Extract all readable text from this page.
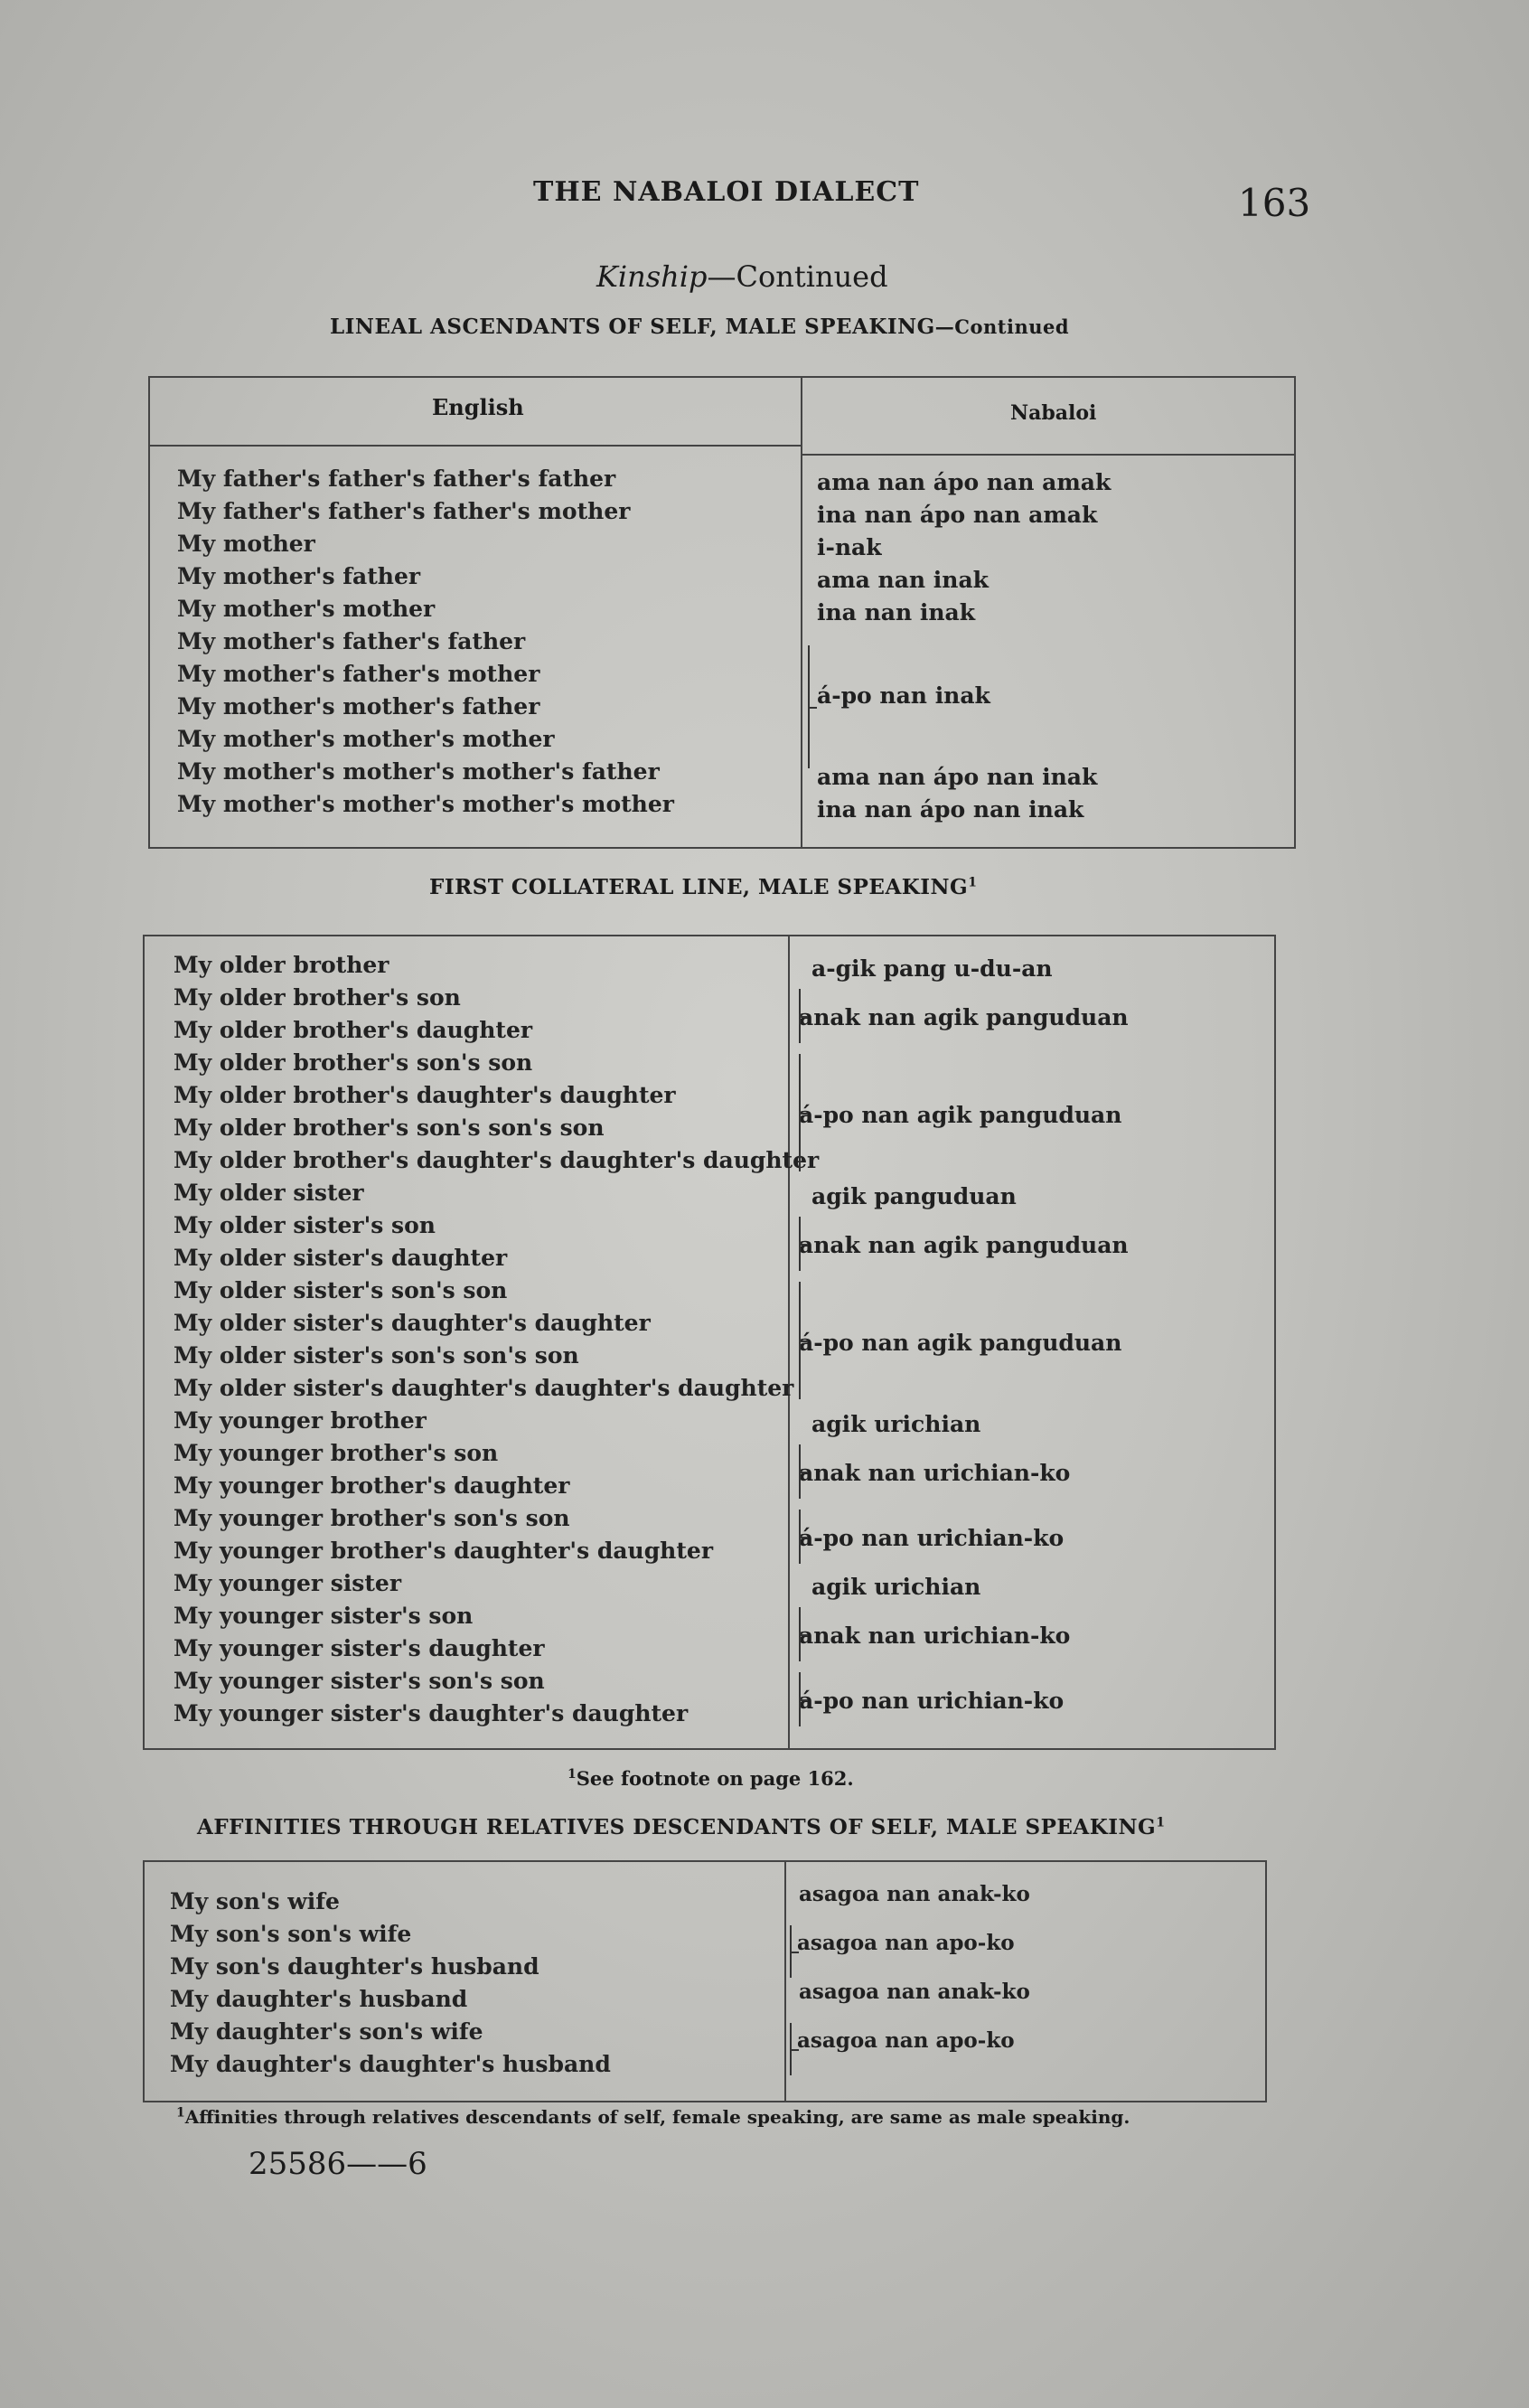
THE NABALOI DIALECT	163
Kinship—Continued
LINEAL ASCENDANTS OF SELF, MALE SPEAKING—Continued
English	Nabaloi
My father's father's father's father
My father's father's father's mother
My mother
My mother's father
My mother's mother
My mother's father's father
My mother's father's mother
My mother's mother's father
My mother's mother's mother
My mother's mother's mother's father
My mother's mother's mother's mother
ama nan ápo nan amak
ina nan ápo nan amak
i-nak
ama nan inak
ina nan inak
á-po nan inak
ama nan ápo nan inak
ina nan ápo nan inak
FIRST COLLATERAL LINE, MALE SPEAKING$^1$
My older brother
My older brother's son
My older brother's daughter
My older brother's son's son
My older brother's daughter's daughter
My older brother's son's son's son
My older brother's daughter's daughter's daughter
My older sister
My older sister's son
My older sister's daughter
My older sister's son's son
My older sister's daughter's daughter
My older sister's son's son's son
My older sister's daughter's daughter's daughter
My younger brother
My younger brother's son
My younger brother's daughter
My younger brother's son's son
My younger brother's daughter's daughter
My younger sister
My younger sister's son
My younger sister's daughter
My younger sister's son's son
My younger sister's daughter's daughter
a-gik pang u-du-an
anak nan agik panguduan
á-po nan agik panguduan
agik panguduan
anak nan agik panguduan
á-po nan agik panguduan
agik urichian
anak nan urichian-ko
á-po nan urichian-ko
agik urichian
anak nan urichian-ko
á-po nan urichian-ko
$^1$See footnote on page 162.
AFFINITIES THROUGH RELATIVES DESCENDANTS OF SELF, MALE SPEAKING$^1$
My son's wife
My son's son's wife
My son's daughter's husband
My daughter's husband
My daughter's son's wife
My daughter's daughter's husband
asagoa nan anak-ko
asagoa nan apo-ko
asagoa nan anak-ko
asagoa nan apo-ko
$^1$Affinities through relatives descendants of self, female speaking, are same as male speaking.
25586——6
